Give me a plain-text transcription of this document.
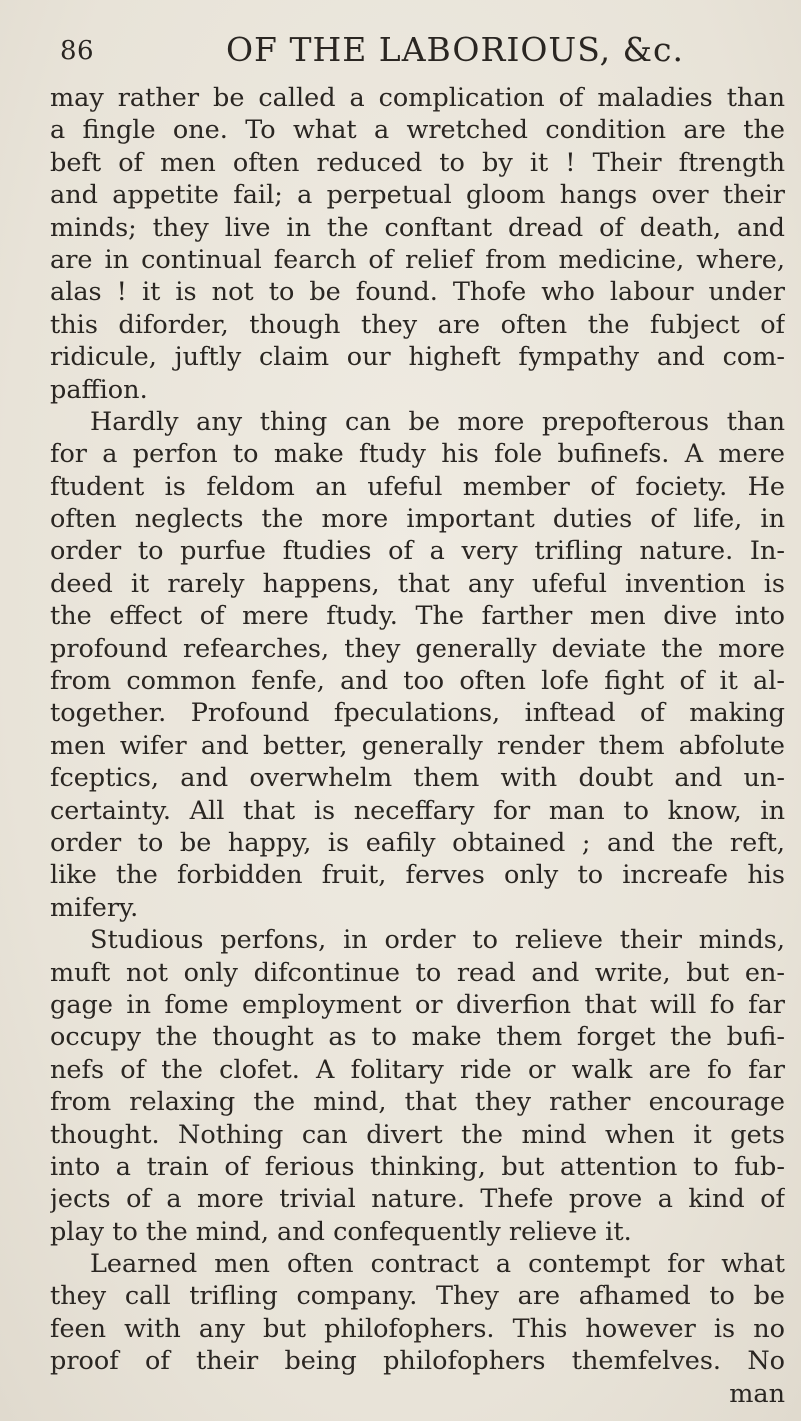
86	OF THE LABORIOUS, &c.
may rather be called a complication of maladies than
a fingle one. To what a wretched condition are the
beft of men often reduced to by it ! Their ftrength
and appetite fail; a perpetual gloom hangs over their
minds; they live in the conftant dread of death, and
are in continual fearch of relief from medicine, where,
alas ! it is not to be found. Thofe who labour under
this diforder, though they are often the fubject of
ridicule, juftly claim our higheft fympathy and com-
paffion.
Hardly any thing can be more prepofterous than
for a perfon to make ftudy his fole bufinefs. A mere
ftudent is feldom an ufeful member of fociety. He
often neglects the more important duties of life, in
order to purfue ftudies of a very trifling nature. In-
deed it rarely happens, that any ufeful invention is
the effect of mere ftudy. The farther men dive into
profound refearches, they generally deviate the more
from common fenfe, and too often lofe fight of it al-
together. Profound fpeculations, inftead of making
men wifer and better, generally render them abfolute
fceptics, and overwhelm them with doubt and un-
certainty. All that is neceffary for man to know, in
order to be happy, is eafily obtained ; and the reft,
like the forbidden fruit, ferves only to increafe his
mifery.
Studious perfons, in order to relieve their minds,
muft not only difcontinue to read and write, but en-
gage in fome employment or diverfion that will fo far
occupy the thought as to make them forget the bufi-
nefs of the clofet. A folitary ride or walk are fo far
from relaxing the mind, that they rather encourage
thought. Nothing can divert the mind when it gets
into a train of ferious thinking, but attention to fub-
jects of a more trivial nature. Thefe prove a kind of
play to the mind, and confequently relieve it.
Learned men often contract a contempt for what
they call trifling company. They are afhamed to be
feen with any but philofophers. This however is no
proof of their being philofophers themfelves. No
man
